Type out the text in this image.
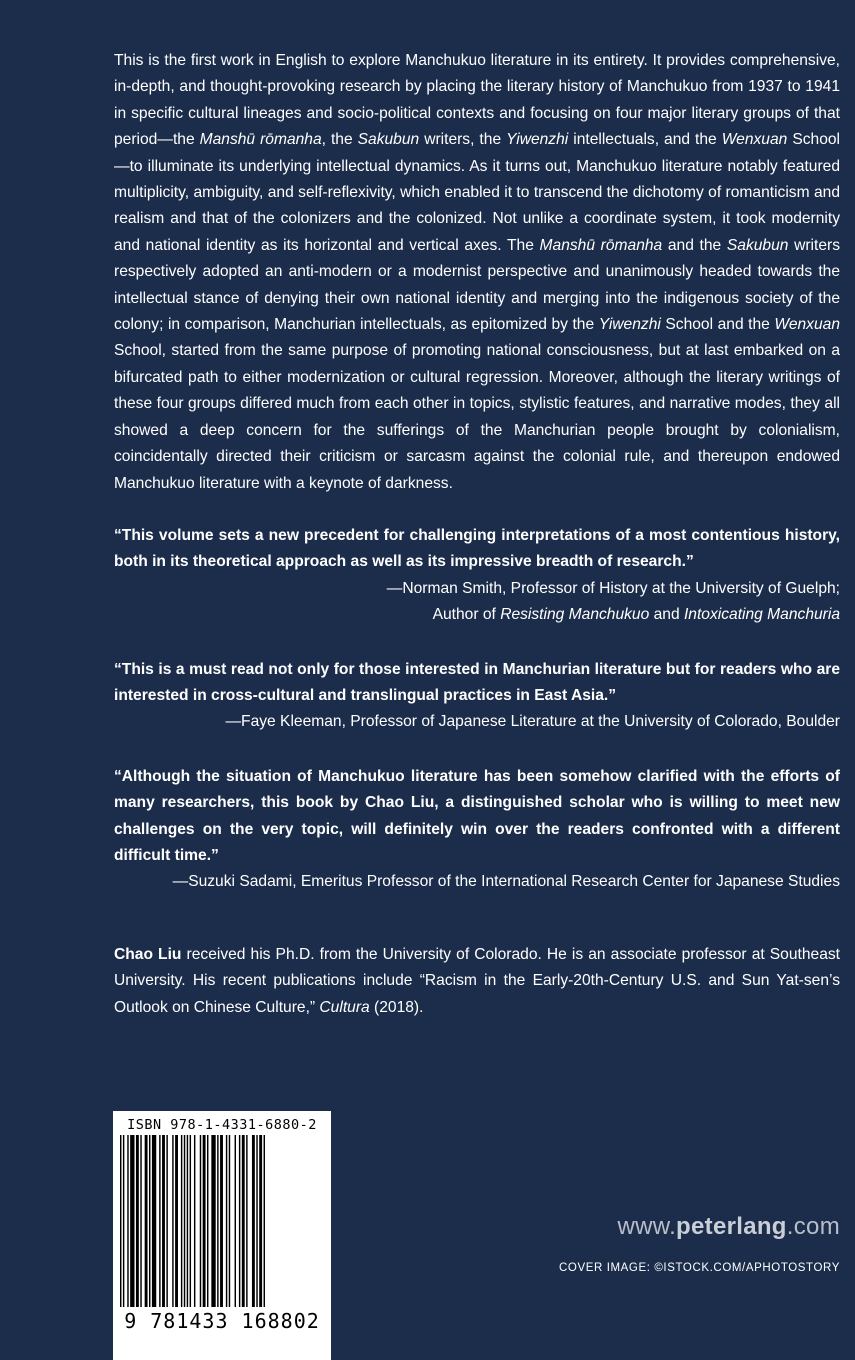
This is the first work in English to explore Manchukuo literature in its entirety. It provides comprehensive, in-depth, and thought-provoking research by placing the literary history of Manchukuo from 1937 to 1941 in specific cultural lineages and socio-political contexts and focusing on four major literary groups of that period—the Manshū rōmanha, the Sakubun writers, the Yiwenzhi intellectuals, and the Wenxuan School—to illuminate its underlying intellectual dynamics. As it turns out, Manchukuo literature notably featured multiplicity, ambiguity, and self-reflexivity, which enabled it to transcend the dichotomy of romanticism and realism and that of the colonizers and the colonized. Not unlike a coordinate system, it took modernity and national identity as its horizontal and vertical axes. The Manshū rōmanha and the Sakubun writers respectively adopted an anti-modern or a modernist perspective and unanimously headed towards the intellectual stance of denying their own national identity and merging into the indigenous society of the colony; in comparison, Manchurian intellectuals, as epitomized by the Yiwenzhi School and the Wenxuan School, started from the same purpose of promoting national consciousness, but at last embarked on a bifurcated path to either modernization or cultural regression. Moreover, although the literary writings of these four groups differed much from each other in topics, stylistic features, and narrative modes, they all showed a deep concern for the sufferings of the Manchurian people brought by colonialism, coincidentally directed their criticism or sarcasm against the colonial rule, and thereupon endowed Manchukuo literature with a keynote of darkness.

“This volume sets a new precedent for challenging interpretations of a most contentious history, both in its theoretical approach as well as its impressive breadth of research.”

—Norman Smith, Professor of History at the University of Guelph;

Author of Resisting Manchukuo and Intoxicating Manchuria

“This is a must read not only for those interested in Manchurian literature but for readers who are interested in cross-cultural and translingual practices in East Asia.”

—Faye Kleeman, Professor of Japanese Literature at the University of Colorado, Boulder

“Although the situation of Manchukuo literature has been somehow clarified with the efforts of many researchers, this book by Chao Liu, a distinguished scholar who is willing to meet new challenges on the very topic, will definitely win over the readers confronted with a different difficult time.”

—Suzuki Sadami, Emeritus Professor of the International Research Center for Japanese Studies

Chao Liu received his Ph.D. from the University of Colorado. He is an associate professor at Southeast University. His recent publications include “Racism in the Early-20th-Century U.S. and Sun Yat-sen’s Outlook on Chinese Culture,” Cultura (2018).

ISBN 978-1-4331-6880-2
9 781433 168802
www.peterlang.com
COVER IMAGE: ©ISTOCK.COM/APHOTOSTORY
